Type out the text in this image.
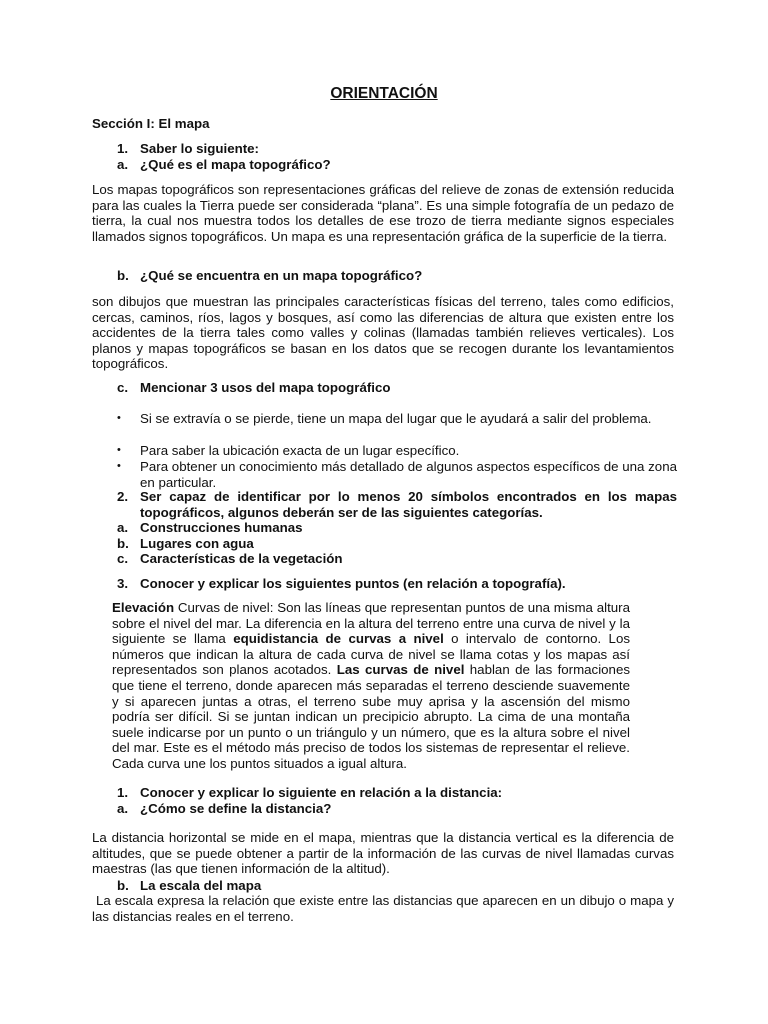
ORIENTACIÓN
Sección I: El mapa
1. Saber lo siguiente:
a. ¿Qué es el mapa topográfico?

Los mapas topográficos son representaciones gráficas del relieve de zonas de extensión reducida para las cuales la Tierra puede ser considerada “plana”. Es una simple fotografía de un pedazo de tierra, la cual nos muestra todos los detalles de ese trozo de tierra mediante signos especiales llamados signos topográficos. Un mapa es una representación gráfica de la superficie de la tierra.

b. ¿Qué se encuentra en un mapa topográfico?

son dibujos que muestran las principales características físicas del terreno, tales como edificios, cercas, caminos, ríos, lagos y bosques, así como las diferencias de altura que existen entre los accidentes de la tierra tales como valles y colinas (llamadas también relieves verticales). Los planos y mapas topográficos se basan en los datos que se recogen durante los levantamientos topográficos.

c. Mencionar 3 usos del mapa topográfico
•	Si se extravía o se pierde, tiene un mapa del lugar que le ayudará a salir del problema.
•	Para saber la ubicación exacta de un lugar específico.
•	Para obtener un conocimiento más detallado de algunos aspectos específicos de una zona en particular.
2. Ser capaz de identificar por lo menos 20 símbolos encontrados en los mapas topográficos, algunos deberán ser de las siguientes categorías.
a. Construcciones humanas
b. Lugares con agua
c. Características de la vegetación
3. Conocer y explicar los siguientes puntos (en relación a topografía).

Elevación Curvas de nivel: Son las líneas que representan puntos de una misma altura sobre el nivel del mar. La diferencia en la altura del terreno entre una curva de nivel y la siguiente se llama equidistancia de curvas a nivel o intervalo de contorno. Los números que indican la altura de cada curva de nivel se llama cotas y los mapas así representados son planos acotados. Las curvas de nivel hablan de las formaciones que tiene el terreno, donde aparecen más separadas el terreno desciende suavemente y si aparecen juntas a otras, el terreno sube muy aprisa y la ascensión del mismo podría ser difícil. Si se juntan indican un precipicio abrupto. La cima de una montaña suele indicarse por un punto o un triángulo y un número, que es la altura sobre el nivel del mar. Este es el método más preciso de todos los sistemas de representar el relieve. Cada curva une los puntos situados a igual altura.

1. Conocer y explicar lo siguiente en relación a la distancia:
a. ¿Cómo se define la distancia?

La distancia horizontal se mide en el mapa, mientras que la distancia vertical es la diferencia de altitudes, que se puede obtener a partir de la información de las curvas de nivel llamadas curvas maestras (las que tienen información de la altitud).

b. La escala del mapa

La escala expresa la relación que existe entre las distancias que aparecen en un dibujo o mapa y las distancias reales en el terreno.
